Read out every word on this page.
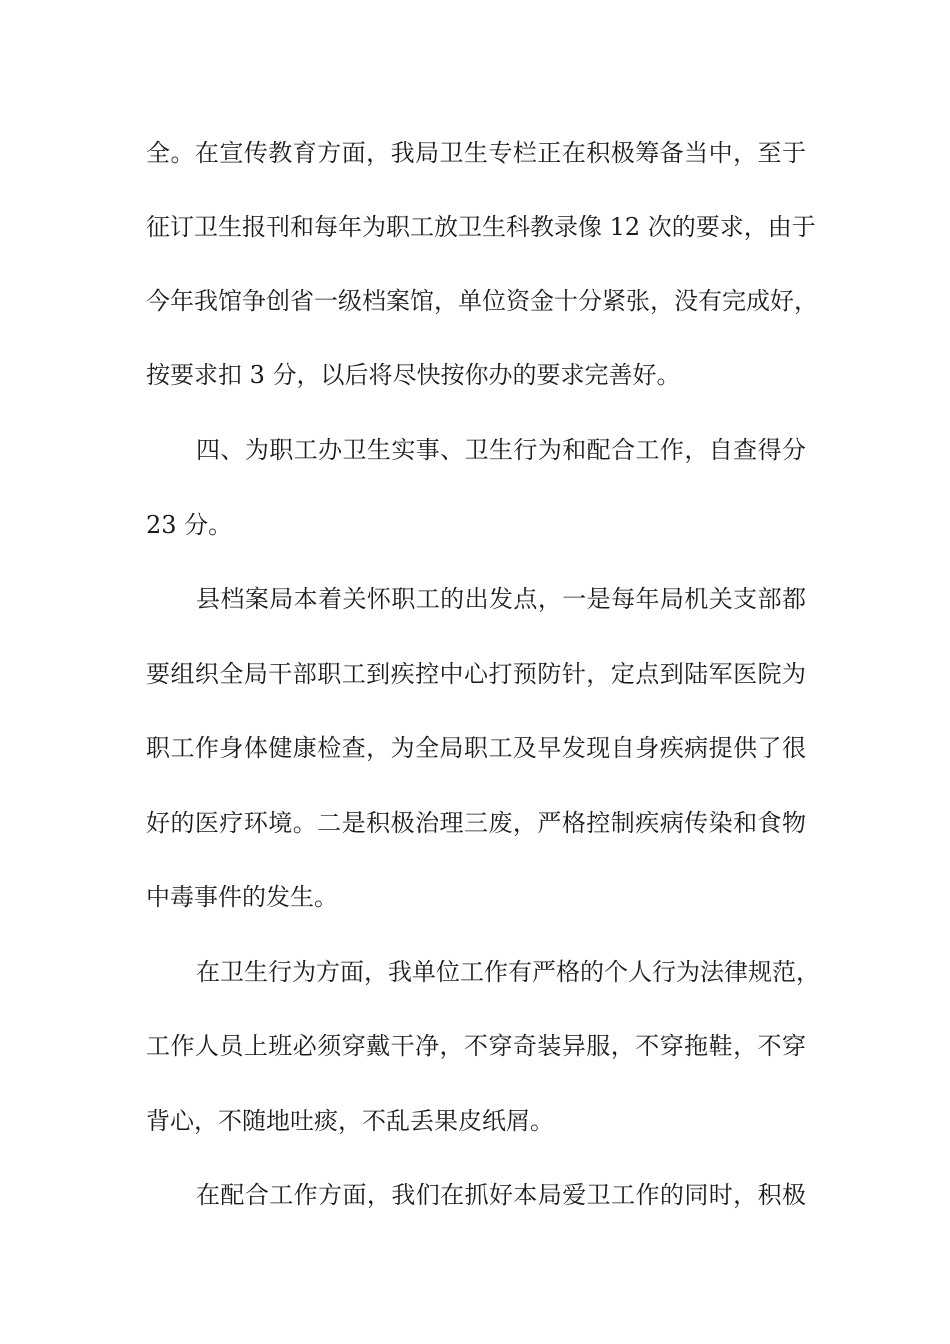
全。在宣传教育方面，我局卫生专栏正在积极筹备当中，至于
征订卫生报刊和每年为职工放卫生科教录像 12 次的要求，由于
今年我馆争创省一级档案馆，单位资金十分紧张，没有完成好，
按要求扣 3 分，以后将尽快按你办的要求完善好。
四、为职工办卫生实事、卫生行为和配合工作，自查得分
23 分。
县档案局本着关怀职工的出发点，一是每年局机关支部都
要组织全局干部职工到疾控中心打预防针，定点到陆军医院为
职工作身体健康检查，为全局职工及早发现自身疾病提供了很
好的医疗环境。二是积极治理三废，严格控制疾病传染和食物
中毒事件的发生。
在卫生行为方面，我单位工作有严格的个人行为法律规范，
工作人员上班必须穿戴干净，不穿奇装异服，不穿拖鞋，不穿
背心，不随地吐痰，不乱丢果皮纸屑。
在配合工作方面，我们在抓好本局爱卫工作的同时，积极
